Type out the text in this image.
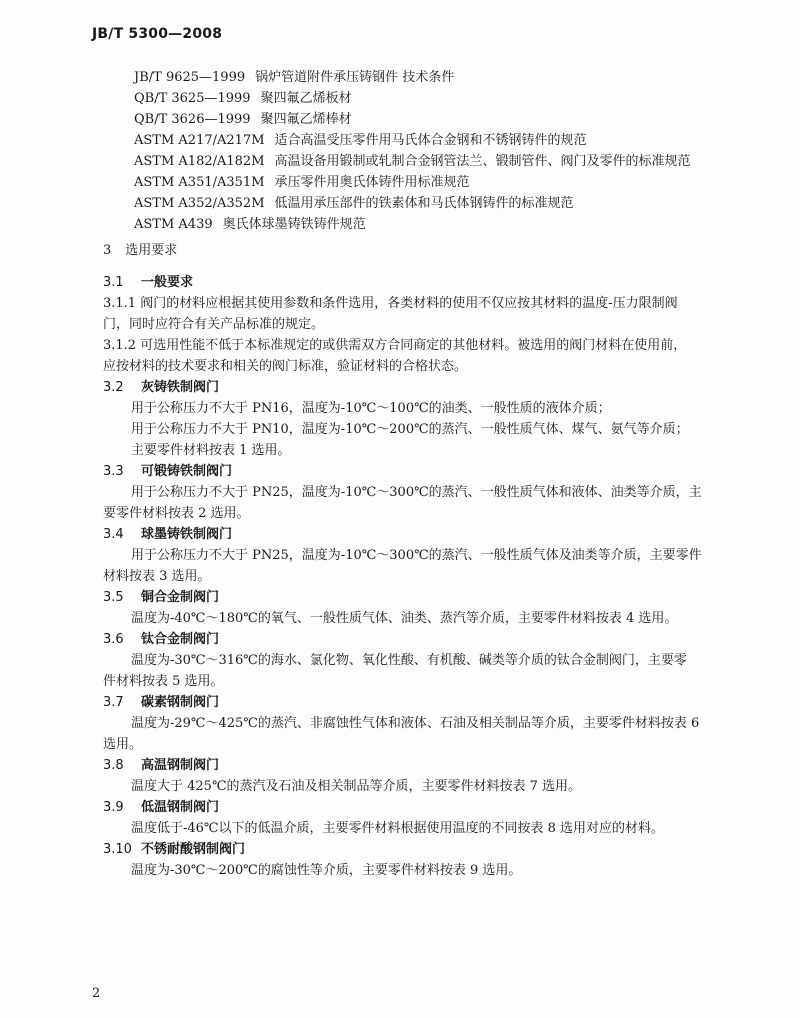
JB/T 5300—2008
JB/T 9625—1999 锅炉管道附件承压铸钢件 技术条件
QB/T 3625—1999 聚四氟乙烯板材
QB/T 3626—1999 聚四氟乙烯棒材
ASTM A217/A217M 适合高温受压零件用马氏体合金钢和不锈钢铸件的规范
ASTM A182/A182M 高温设备用锻制或轧制合金钢管法兰、锻制管件、阀门及零件的标准规范
ASTM A351/A351M 承压零件用奥氏体铸件用标准规范
ASTM A352/A352M 低温用承压部件的铁素体和马氏体钢铸件的标准规范
ASTM A439 奥氏体球墨铸铁铸件规范
3 选用要求
3.1 一般要求
3.1.1 阀门的材料应根据其使用参数和条件选用，各类材料的使用不仅应按其材料的温度-压力限制阀
门，同时应符合有关产品标准的规定。
3.1.2 可选用性能不低于本标准规定的或供需双方合同商定的其他材料。被选用的阀门材料在使用前，
应按材料的技术要求和相关的阀门标准，验证材料的合格状态。
3.2 灰铸铁制阀门
用于公称压力不大于 PN16，温度为-10℃～100℃的油类、一般性质的液体介质；
用于公称压力不大于 PN10，温度为-10℃～200℃的蒸汽、一般性质气体、煤气、氨气等介质；
主要零件材料按表 1 选用。
3.3 可锻铸铁制阀门
用于公称压力不大于 PN25，温度为-10℃～300℃的蒸汽、一般性质气体和液体、油类等介质，主
要零件材料按表 2 选用。
3.4 球墨铸铁制阀门
用于公称压力不大于 PN25，温度为-10℃～300℃的蒸汽、一般性质气体及油类等介质，主要零件
材料按表 3 选用。
3.5 铜合金制阀门
温度为-40℃～180℃的氧气、一般性质气体、油类、蒸汽等介质，主要零件材料按表 4 选用。
3.6 钛合金制阀门
温度为-30℃～316℃的海水、氯化物、氧化性酸、有机酸、碱类等介质的钛合金制阀门，主要零
件材料按表 5 选用。
3.7 碳素钢制阀门
温度为-29℃～425℃的蒸汽、非腐蚀性气体和液体、石油及相关制品等介质，主要零件材料按表 6
选用。
3.8 高温钢制阀门
温度大于 425℃的蒸汽及石油及相关制品等介质，主要零件材料按表 7 选用。
3.9 低温钢制阀门
温度低于-46℃以下的低温介质，主要零件材料根据使用温度的不同按表 8 选用对应的材料。
3.10 不锈耐酸钢制阀门
温度为-30℃～200℃的腐蚀性等介质，主要零件材料按表 9 选用。
2
